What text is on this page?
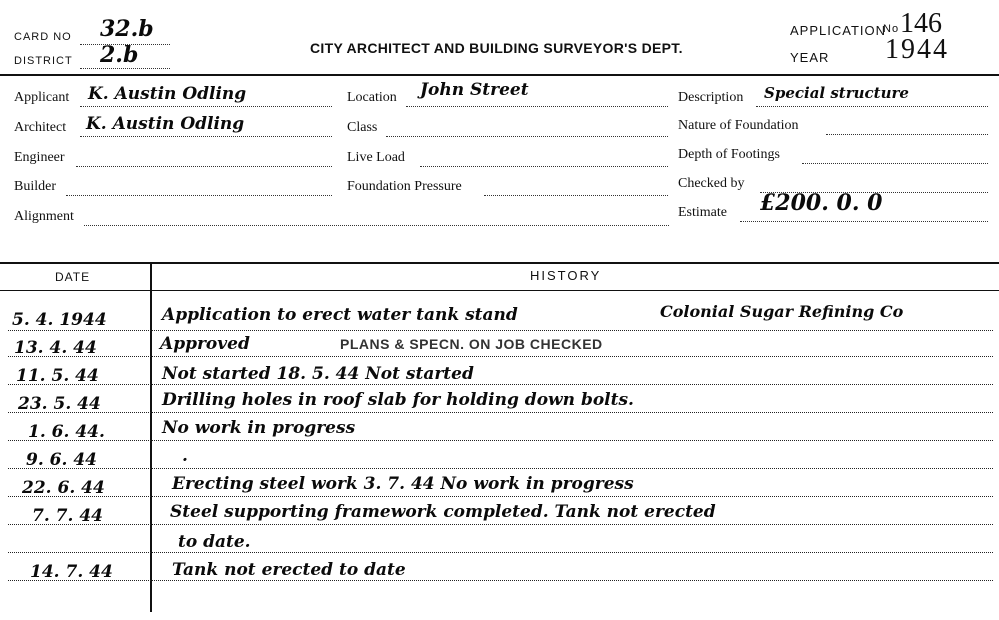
CARD NO 32.b
DISTRICT 2.b	CITY ARCHITECT AND BUILDING SURVEYOR'S DEPT.
APPLICATION
No 146
YEAR 1944
Applicant K. Austin Odling
Architect K. Austin Odling
Engineer
Builder
Alignment
Location John Street
Class
Live Load
Foundation Pressure
Description Special structure
Nature of Foundation
Depth of Footings
Checked by
Estimate £200. 0. 0
DATE	HISTORY
5. 4. 1944	Application to erect water tank stand	Colonial Sugar Refining Co
13. 4. 44	Approved	PLANS & SPECN. ON JOB CHECKED
11. 5. 44	Not started 18. 5. 44 Not started
23. 5. 44	Drilling holes in roof slab for holding down bolts.
1. 6. 44.	No work in progress
9. 6. 44	.
22. 6. 44	Erecting steel work 3. 7. 44 No work in progress
7. 7. 44	Steel supporting framework completed. Tank not erected
to date.
14. 7. 44	Tank not erected to date
